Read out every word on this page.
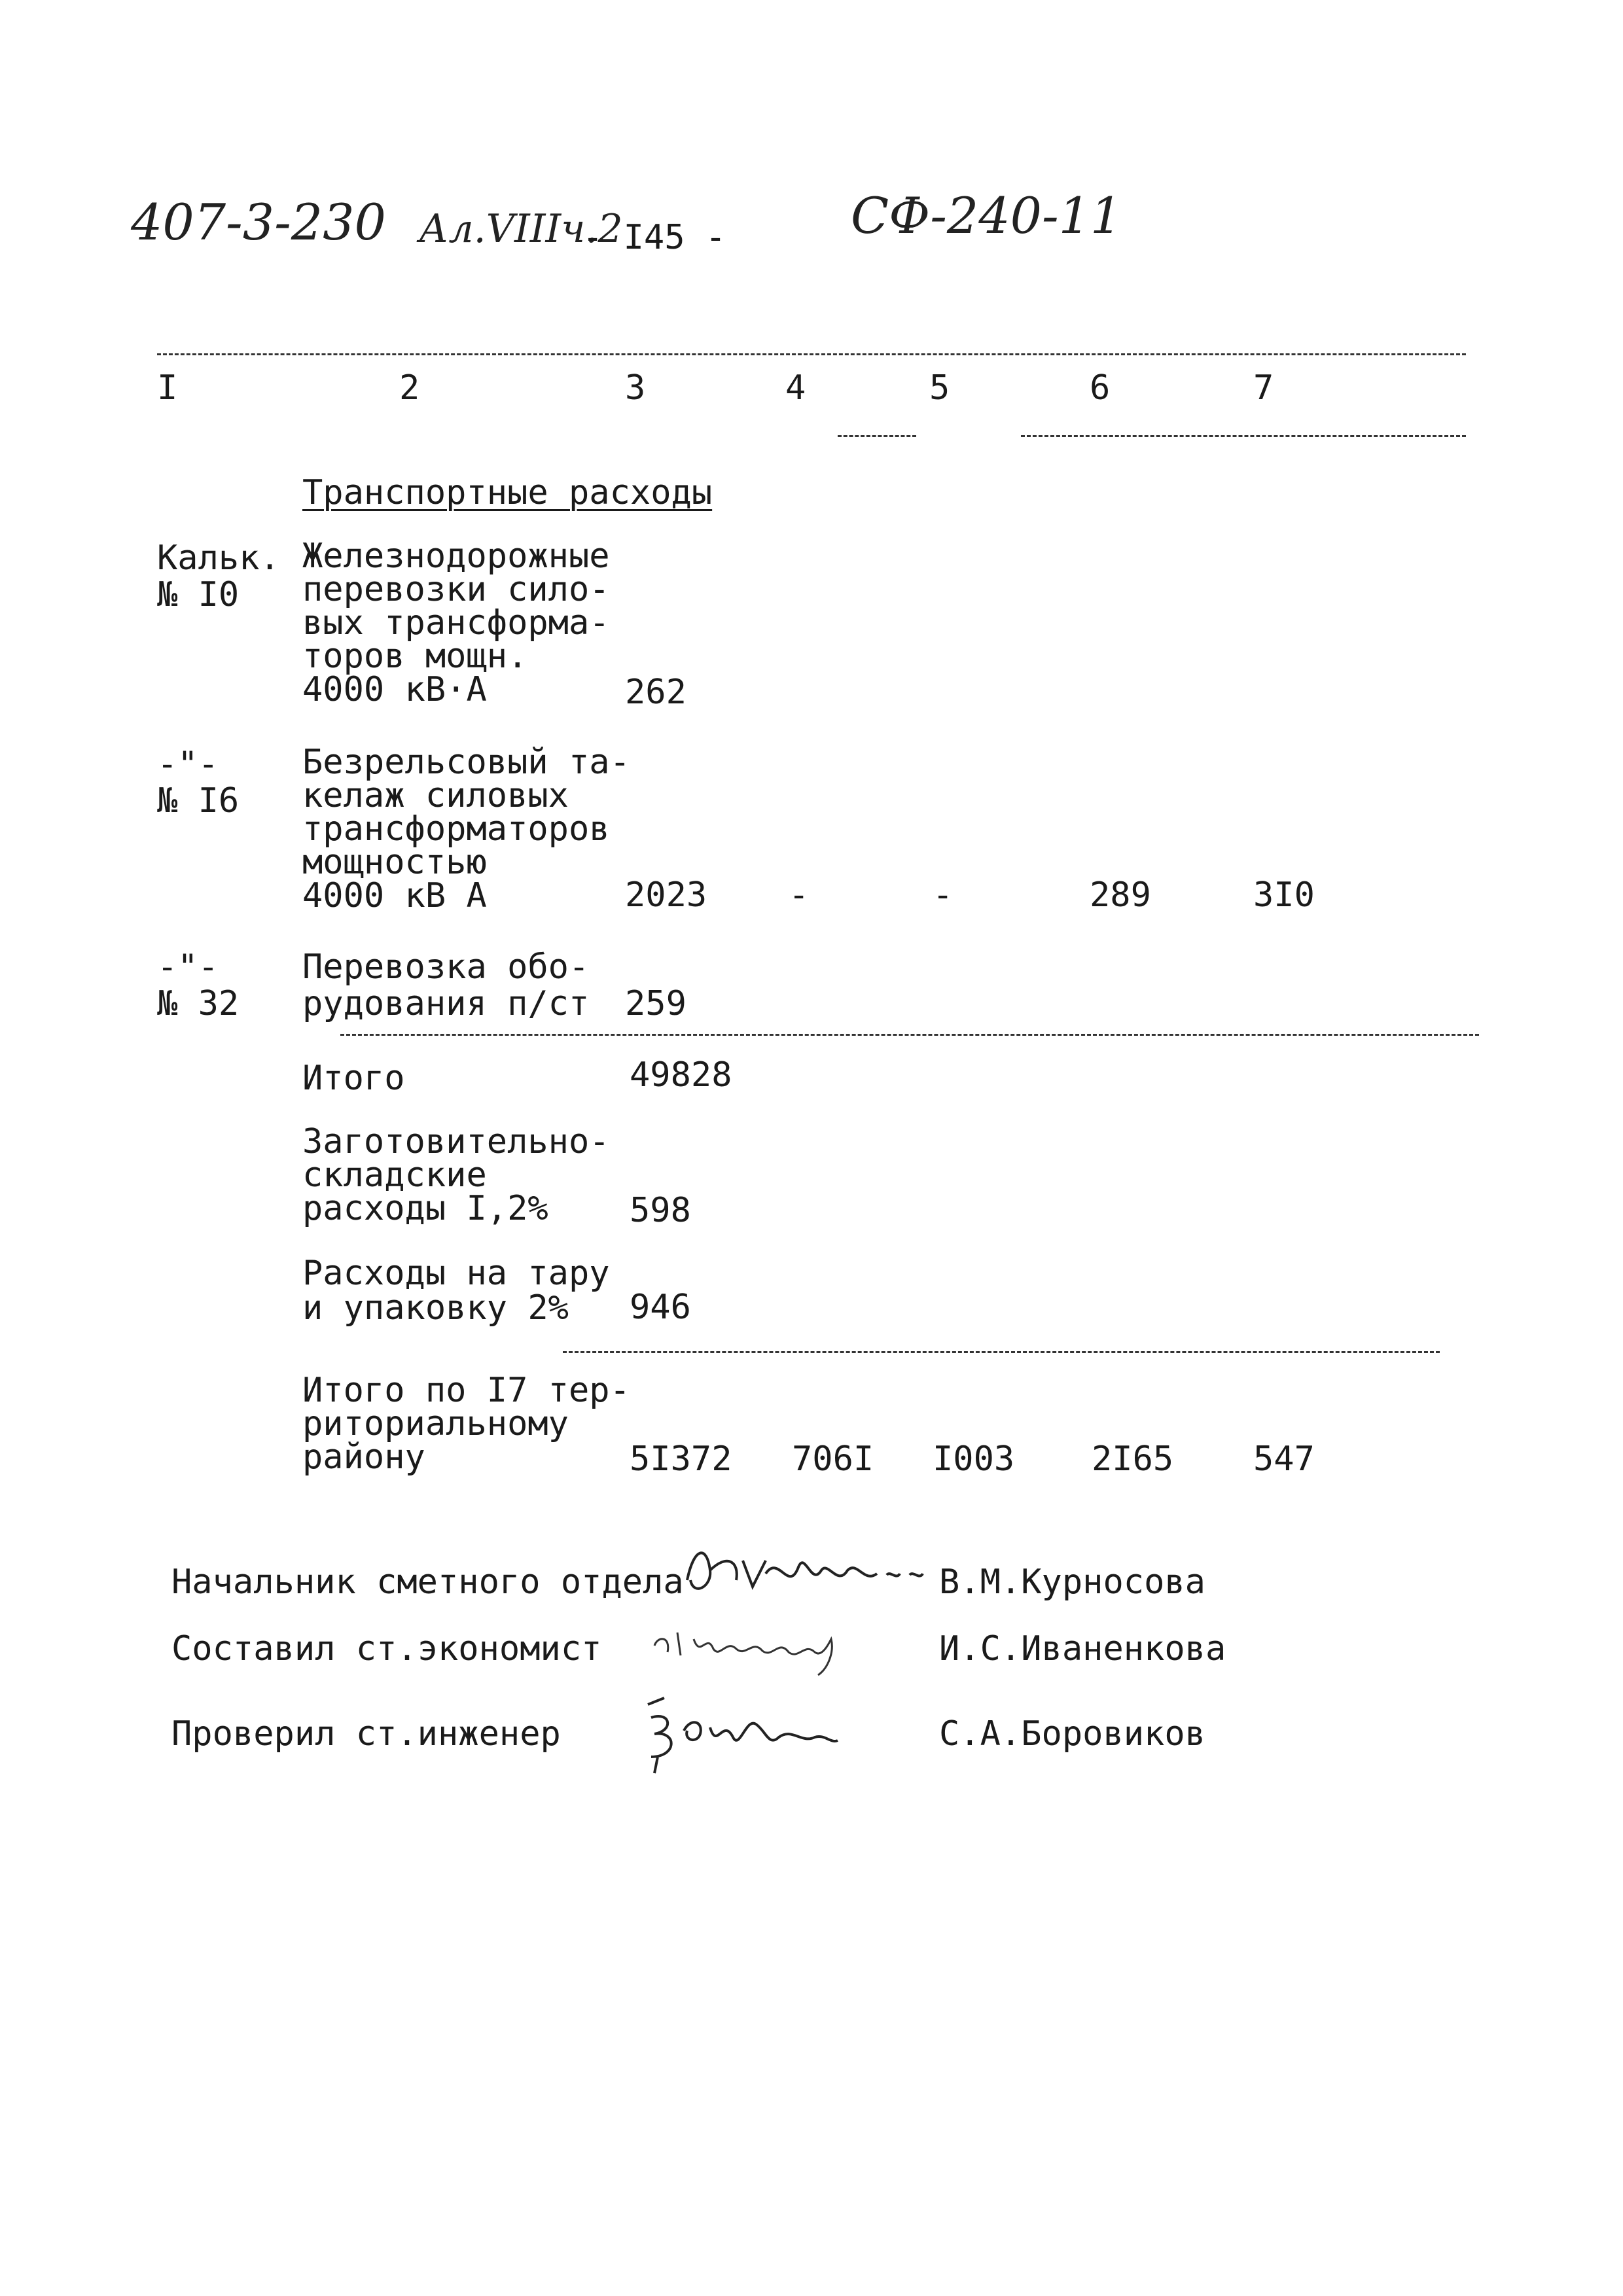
407-3-230 Ал.VIIIч.2
- I45 -	СФ-240-11
I	2	3	4	5	6	7
Транспортные расходы
Кальк.
№ I0
Железнодорожные
перевозки сило-
вых трансформа-
торов мощн.
4000 кВ·А	262
-"-
№ I6
Безрельсовый та-
келаж силовых
трансформаторов
мощностью
4000 кВ А	2023 -	-	289	3I0
-"-
№ 32
Перевозка обо-
рудования п/ст 259
Итого	49828
Заготовительно-
складские
расходы I,2%	598
Расходы на тару
и упаковку 2%	946
Итого по I7 тер-
риториальному
району	5I372 706I I003 2I65 547
Начальник сметного отдела	В.М.Курносова
Составил ст.экономист	И.С.Иваненкова
Проверил ст.инженер	С.А.Боровиков
